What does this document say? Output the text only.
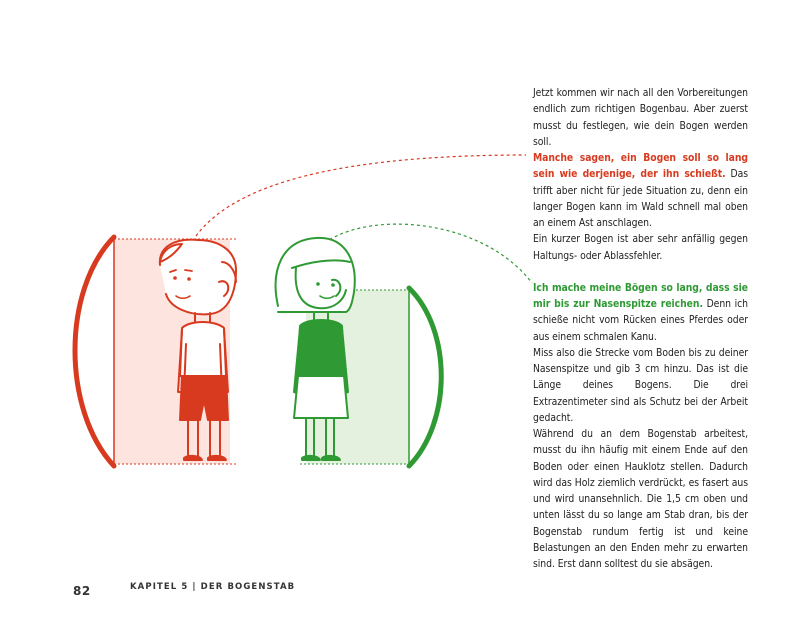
Jetzt kommen wir nach all den Vorbereitungen endlich zum richtigen Bogenbau. Aber zuerst musst du festlegen, wie dein Bogen werden soll.

Manche sagen, ein Bogen soll so lang sein wie derjenige, der ihn schießt. Das trifft aber nicht für jede Situation zu, denn ein langer Bogen kann im Wald schnell mal oben an einem Ast anschlagen.

Ein kurzer Bogen ist aber sehr anfällig gegen Haltungs- oder Ablassfehler.

Ich mache meine Bögen so lang, dass sie mir bis zur Nasenspitze reichen. Denn ich schieße nicht vom Rücken eines Pferdes oder aus einem schmalen Kanu.

Miss also die Strecke vom Boden bis zu deiner Nasenspitze und gib 3 cm hinzu. Das ist die Länge deines Bogens. Die drei Extrazentimeter sind als Schutz bei der Arbeit gedacht.

Während du an dem Bogenstab arbeitest, musst du ihn häufig mit einem Ende auf den Boden oder einen Hauklotz stellen. Dadurch wird das Holz ziemlich verdrückt, es fasert aus und wird unansehnlich. Die 1,5 cm oben und unten lässt du so lange am Stab dran, bis der Bogenstab rundum fertig ist und keine Belastungen an den Enden mehr zu erwarten sind. Erst dann solltest du sie absägen.

82	KAPITEL 5 | DER BOGENSTAB
